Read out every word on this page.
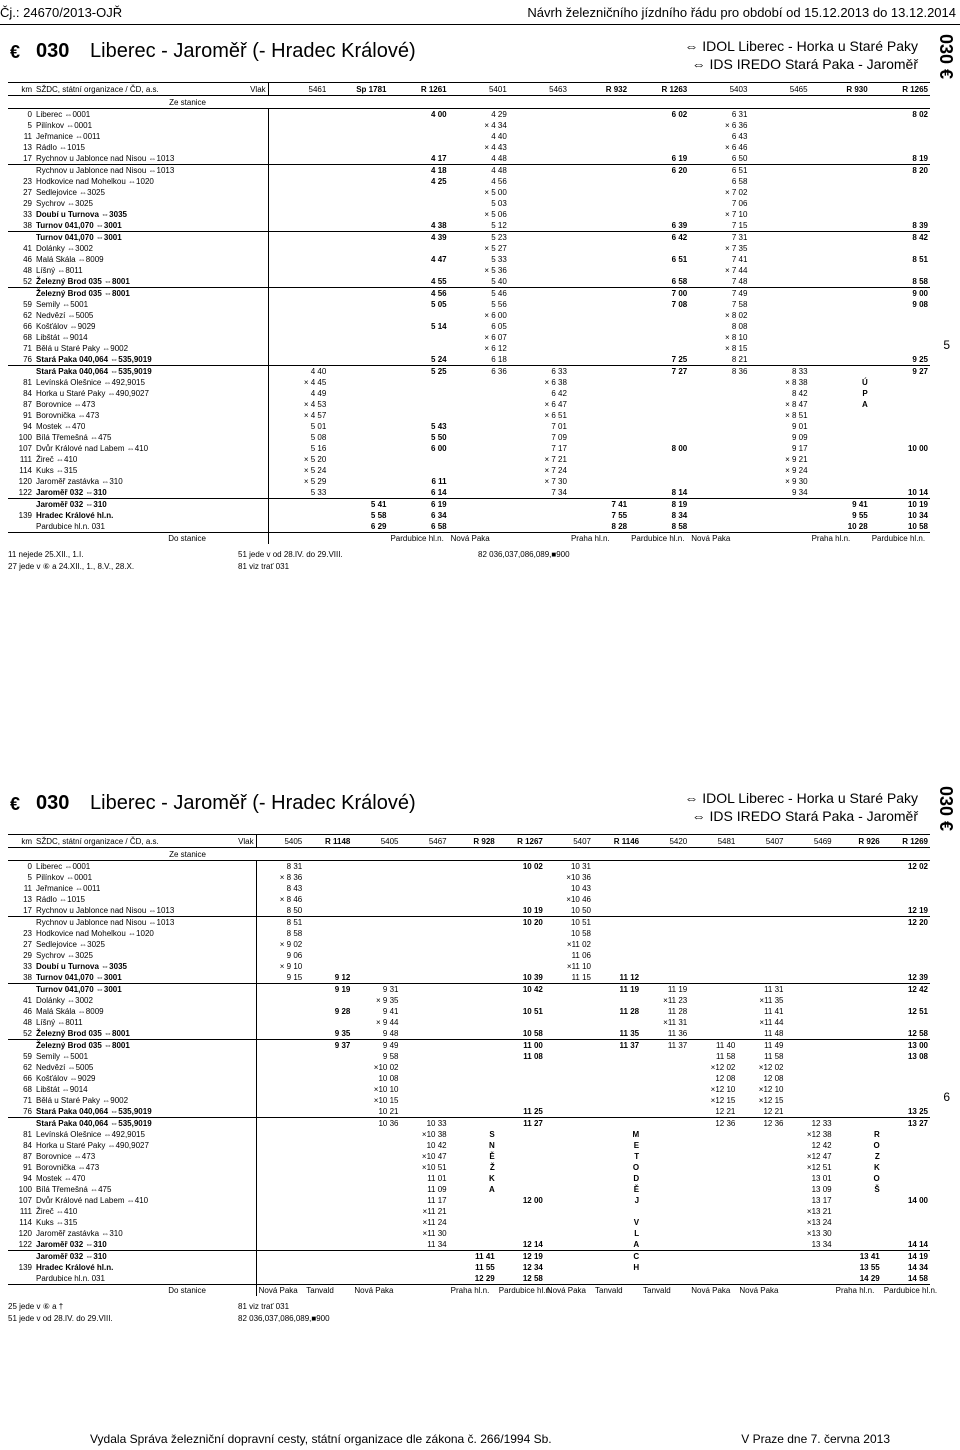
Čj.: 24670/2013-OJŘ	Návrh železničního jízdního řádu pro období od 15.12.2013 do 13.12.2014
€ 030 Liberec - Jaroměř (- Hradec Králové)	⇔ IDOL Liberec - Horka u Staré Paky
⇔ IDS IREDO Stará Paka - Jaroměř
km	SŽDC, státní organizace / ČD, a.s.	Vlak	5461	Sp 1781	R 1261	5401	5463	R 932	R 1263	5403	5465	R 930	R 1265
	Ze stanice												
0	Liberec ⇔0001				4 00	4 29			6 02	6 31			8 02
5	Pilínkov ⇔0001					× 4 34				× 6 36			
11	Jeřmanice ⇔0011					4 40				6 43			
13	Rádlo ⇔1015					× 4 43				× 6 46			
17	Rychnov u Jablonce nad Nisou ⇔1013				4 17	4 48			6 19	6 50			8 19
	Rychnov u Jablonce nad Nisou ⇔1013				4 18	4 48			6 20	6 51			8 20
23	Hodkovice nad Mohelkou ⇔1020				4 25	4 56				6 58			
27	Sedlejovice ⇔3025					× 5 00				× 7 02			
29	Sychrov ⇔3025					5 03				7 06			
33	Doubí u Turnova ⇔3035					× 5 06				× 7 10			
38	Turnov 041,070 ⇔3001				4 38	5 12			6 39	7 15			8 39
	Turnov 041,070 ⇔3001				4 39	5 23			6 42	7 31			8 42
41	Dolánky ⇔3002					× 5 27				× 7 35			
46	Malá Skála ⇔8009				4 47	5 33			6 51	7 41			8 51
48	Líšný ⇔8011					× 5 36				× 7 44			
52	Železný Brod 035 ⇔8001				4 55	5 40			6 58	7 48			8 58
	Železný Brod 035 ⇔8001				4 56	5 46			7 00	7 49			9 00
59	Semily ⇔5001				5 05	5 56			7 08	7 58			9 08
62	Nedvězí ⇔5005					× 6 00				× 8 02			
66	Košťálov ⇔9029				5 14	6 05				8 08			
68	Libštát ⇔9014					× 6 07				× 8 10			
71	Bělá u Staré Paky ⇔9002					× 6 12				× 8 15			
76	Stará Paka 040,064 ⇔535,9019				5 24	6 18			7 25	8 21			9 25
	Stará Paka 040,064 ⇔535,9019		4 40		5 25	6 36	6 33		7 27	8 36	8 33		9 27
81	Levínská Olešnice ⇔492,9015		× 4 45				× 6 38				× 8 38	Ú	
84	Horka u Staré Paky ⇔490,9027		4 49				6 42				8 42	P	
87	Borovnice ⇔473		× 4 53				× 6 47				× 8 47	A	
91	Borovnička ⇔473		× 4 57				× 6 51				× 8 51		
94	Mostek ⇔470		5 01		5 43		7 01				9 01		
100	Bílá Třemešná ⇔475		5 08		5 50		7 09				9 09		
107	Dvůr Králové nad Labem ⇔410		5 16		6 00		7 17		8 00		9 17		10 00
111	Žireč ⇔410		× 5 20				× 7 21				× 9 21		
114	Kuks ⇔315		× 5 24				× 7 24				× 9 24		
120	Jaroměř zastávka ⇔310		× 5 29		6 11		× 7 30				× 9 30		
122	Jaroměř 032 ⇔310		5 33		6 14		7 34		8 14		9 34		10 14
	Jaroměř 032 ⇔310			5 41	6 19			7 41	8 19			9 41	10 19
139	Hradec Králové hl.n.			5 58	6 34			7 55	8 34			9 55	10 34
	Pardubice hl.n. 031			6 29	6 58			8 28	8 58			10 28	10 58
	Do stanice				Pardubice hl.n.	Nová Paka		Praha hl.n.	Pardubice hl.n.	Nová Paka		Praha hl.n.	Pardubice hl.n.
11 nejede 25.XII., 1.I.
27 jede v ⑥ a 24.XII., 1., 8.V., 28.X.
51 jede v od 28.IV. do 29.VIII.
81 viz trať 031
82 036,037,086,089,■900
€ 030 Liberec - Jaroměř (- Hradec Králové)	⇔ IDOL Liberec - Horka u Staré Paky
⇔ IDS IREDO Stará Paka - Jaroměř
km	SŽDC, státní organizace / ČD, a.s.	Vlak	5405	R 1148	5405	5467	R 928	R 1267	5407	R 1146	5420	5481	5407	5469	R 926	R 1269
	Ze stanice															
0	Liberec ⇔0001		8 31					10 02	10 31							12 02
5	Pilínkov ⇔0001		× 8 36						×10 36							
11	Jeřmanice ⇔0011		8 43						10 43							
13	Rádlo ⇔1015		× 8 46						×10 46							
17	Rychnov u Jablonce nad Nisou ⇔1013		8 50					10 19	10 50							12 19
	Rychnov u Jablonce nad Nisou ⇔1013		8 51					10 20	10 51							12 20
23	Hodkovice nad Mohelkou ⇔1020		8 58						10 58							
27	Sedlejovice ⇔3025		× 9 02						×11 02							
29	Sychrov ⇔3025		9 06						11 06							
33	Doubí u Turnova ⇔3035		× 9 10						×11 10							
38	Turnov 041,070 ⇔3001		9 15	9 12				10 39	11 15	11 12						12 39
	Turnov 041,070 ⇔3001			9 19	9 31			10 42		11 19	11 19		11 31			12 42
41	Dolánky ⇔3002				× 9 35						×11 23		×11 35			
46	Malá Skála ⇔8009			9 28	9 41			10 51		11 28	11 28		11 41			12 51
48	Líšný ⇔8011				× 9 44						×11 31		×11 44			
52	Železný Brod 035 ⇔8001			9 35	9 48			10 58		11 35	11 36		11 48			12 58
	Železný Brod 035 ⇔8001			9 37	9 49			11 00		11 37	11 37	11 40	11 49			13 00
59	Semily ⇔5001				9 58			11 08				11 58	11 58			13 08
62	Nedvězí ⇔5005				×10 02							×12 02	×12 02			
66	Košťálov ⇔9029				10 08							12 08	12 08			
68	Libštát ⇔9014				×10 10							×12 10	×12 10			
71	Bělá u Staré Paky ⇔9002				×10 15							×12 15	×12 15			
76	Stará Paka 040,064 ⇔535,9019				10 21			11 25				12 21	12 21			13 25
	Stará Paka 040,064 ⇔535,9019				10 36	10 33		11 27				12 36	12 36	12 33		13 27
81	Levínská Olešnice ⇔492,9015					×10 38	S			M				×12 38	R	
84	Horka u Staré Paky ⇔490,9027					10 42	N			E				12 42	O	
87	Borovnice ⇔473					×10 47	Ě			T				×12 47	Z	
91	Borovnička ⇔473					×10 51	Ž			O				×12 51	K	
94	Mostek ⇔470					11 01	K			D				13 01	O	
100	Bílá Třemešná ⇔475					11 09	A			Ě				13 09	Š	
107	Dvůr Králové nad Labem ⇔410					11 17		12 00		J				13 17		14 00
111	Žireč ⇔410					×11 21								×13 21		
114	Kuks ⇔315					×11 24				V				×13 24		
120	Jaroměř zastávka ⇔310					×11 30				L				×13 30		
122	Jaroměř 032 ⇔310					11 34		12 14		A				13 34		14 14
	Jaroměř 032 ⇔310						11 41	12 19		C					13 41	14 19
139	Hradec Králové hl.n.						11 55	12 34		H					13 55	14 34
	Pardubice hl.n. 031						12 29	12 58							14 29	14 58
	Do stanice		Nová Paka	Tanvald	Nová Paka		Praha hl.n.	Pardubice hl.n.	Nová Paka	Tanvald	Tanvald	Nová Paka	Nová Paka		Praha hl.n.	Pardubice hl.n.
25 jede v ⑥ a †
51 jede v od 28.IV. do 29.VIII.
81 viz trať 031
82 036,037,086,089,■900
Vydala Správa železniční dopravní cesty, státní organizace dle zákona č. 266/1994 Sb.	V Praze dne 7. června 2013
030 €
5
030 €
6
